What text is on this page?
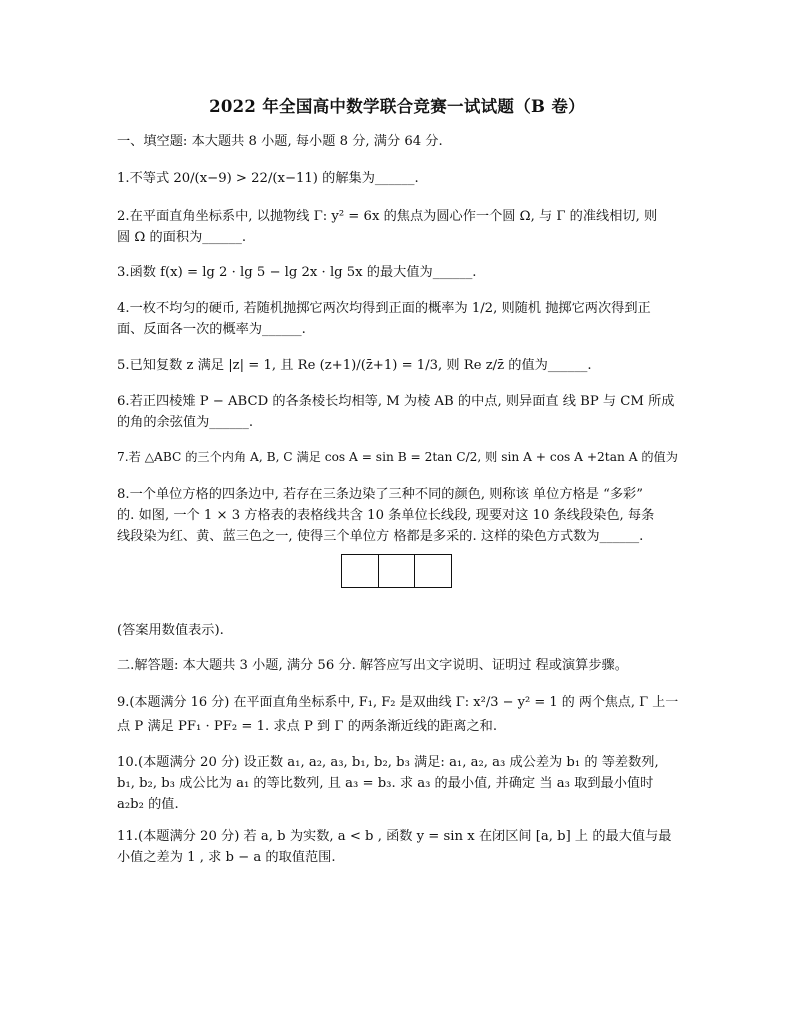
2022 年全国高中数学联合竞赛一试试题（B 卷）
一、填空题: 本大题共 8 小题, 每小题 8 分, 满分 64 分.
1.不等式 20/(x−9) > 22/(x−11) 的解集为______.
2.在平面直角坐标系中, 以抛物线 Γ: y² = 6x 的焦点为圆心作一个圆 Ω, 与 Γ 的准线相切, 则
圆 Ω 的面积为______.
3.函数 f(x) = lg 2 · lg 5 − lg 2x · lg 5x 的最大值为______.
4.一枚不均匀的硬币, 若随机抛掷它两次均得到正面的概率为 1/2, 则随机 抛掷它两次得到正
面、反面各一次的概率为______.
5.已知复数 z 满足 |z| = 1, 且 Re (z+1)/(z̄+1) = 1/3, 则 Re z/z̄ 的值为______.
6.若正四棱雉 P − ABCD 的各条棱长均相等, M 为棱 AB 的中点, 则异面直 线 BP 与 CM 所成
的角的余弦值为______.
7.若 △ABC 的三个内角 A, B, C 满足 cos A = sin B = 2tan C/2, 则 sin A + cos A +2tan A 的值为
8.一个单位方格的四条边中, 若存在三条边染了三种不同的颜色, 则称该 单位方格是 “多彩”
的. 如图, 一个 1 × 3 方格表的表格线共含 10 条单位长线段, 现要对这 10 条线段染色, 每条
线段染为红、黄、蓝三色之一, 使得三个单位方 格都是多采的. 这样的染色方式数为______.
(答案用数值表示).
二.解答题: 本大题共 3 小题, 满分 56 分. 解答应写出文字说明、证明过 程或演算步骤。
9.(本题满分 16 分) 在平面直角坐标系中, F₁, F₂ 是双曲线 Γ: x²/3 − y² = 1 的 两个焦点, Γ 上一
点 P 满足 PF₁ · PF₂ = 1. 求点 P 到 Γ 的两条渐近线的距离之和.
10.(本题满分 20 分) 设正数 a₁, a₂, a₃, b₁, b₂, b₃ 满足: a₁, a₂, a₃ 成公差为 b₁ 的 等差数列,
b₁, b₂, b₃ 成公比为 a₁ 的等比数列, 且 a₃ = b₃. 求 a₃ 的最小值, 并确定 当 a₃ 取到最小值时
a₂b₂ 的值.
11.(本题满分 20 分) 若 a, b 为实数, a < b , 函数 y = sin x 在闭区间 [a, b] 上 的最大值与最
小值之差为 1 , 求 b − a 的取值范围.
